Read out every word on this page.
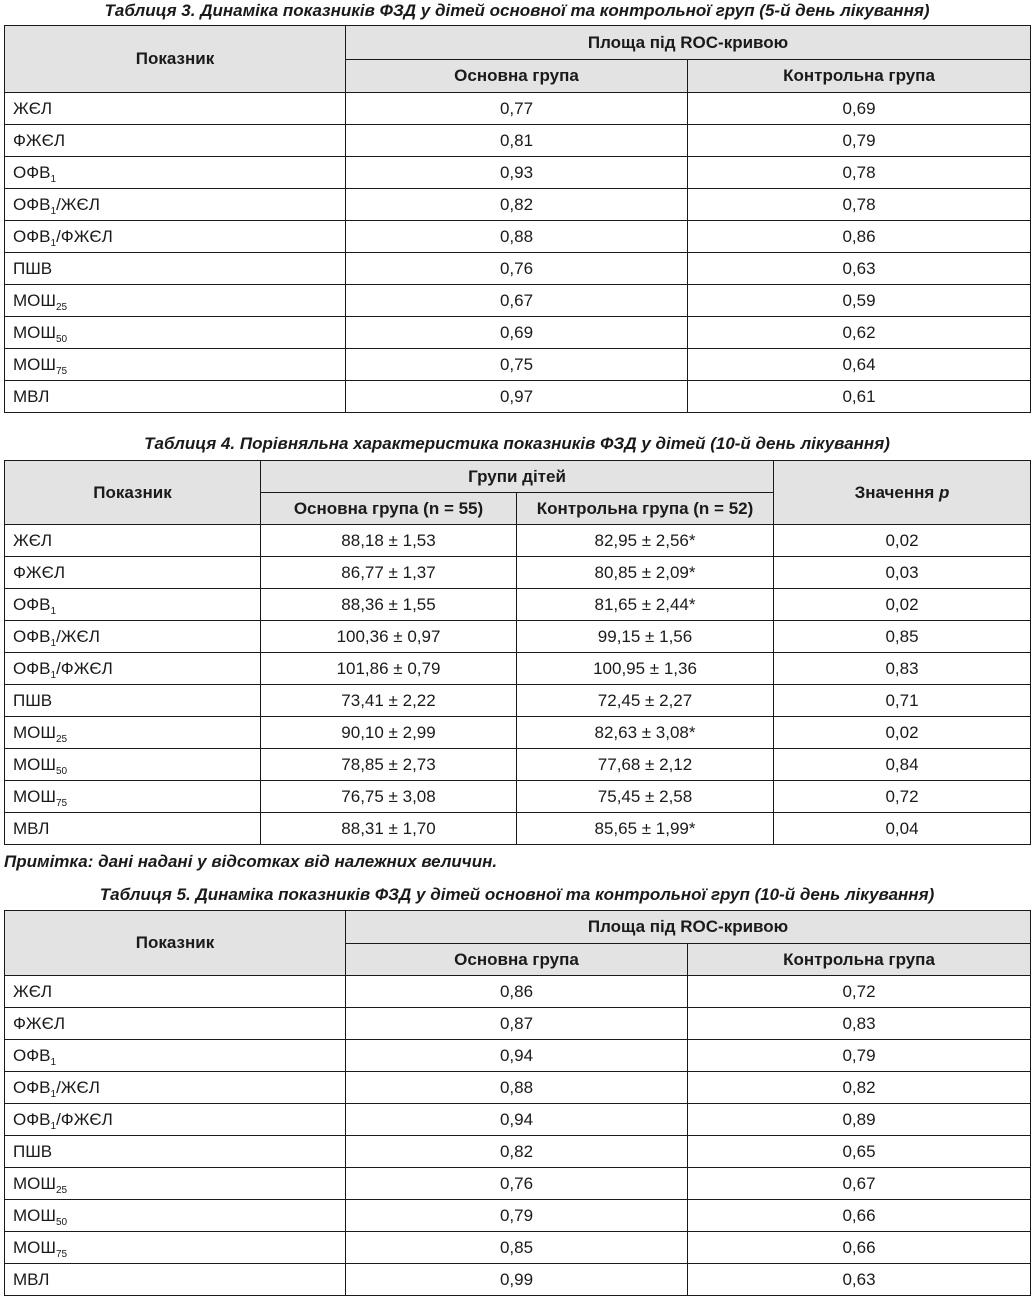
Таблиця 3. Динаміка показників ФЗД у дітей основної та контрольної груп (5-й день лікування)
Показник	Площа під ROC-кривою	
	Основна група	Контрольна група
ЖЄЛ	0,77	0,69
ФЖЄЛ	0,81	0,79
$ОФВ_1$	0,93	0,78
$ОФВ_1$/ЖЄЛ	0,82	0,78
$ОФВ_1$/ФЖЄЛ	0,88	0,86
ПШВ	0,76	0,63
$МОШ_{25}$	0,67	0,59
$МОШ_{50}$	0,69	0,62
$МОШ_{75}$	0,75	0,64
МВЛ	0,97	0,61
Таблиця 4. Порівняльна характеристика показників ФЗД у дітей (10-й день лікування)
Показник	Групи дітей		Значення p
	Основна група (n = 55)	Контрольна група (n = 52)	
ЖЄЛ	88,18 ± 1,53	82,95 ± 2,56*	0,02
ФЖЄЛ	86,77 ± 1,37	80,85 ± 2,09*	0,03
$ОФВ_1$	88,36 ± 1,55	81,65 ± 2,44*	0,02
$ОФВ_1$/ЖЄЛ	100,36 ± 0,97	99,15 ± 1,56	0,85
$ОФВ_1$/ФЖЄЛ	101,86 ± 0,79	100,95 ± 1,36	0,83
ПШВ	73,41 ± 2,22	72,45 ± 2,27	0,71
$МОШ_{25}$	90,10 ± 2,99	82,63 ± 3,08*	0,02
$МОШ_{50}$	78,85 ± 2,73	77,68 ± 2,12	0,84
$МОШ_{75}$	76,75 ± 3,08	75,45 ± 2,58	0,72
МВЛ	88,31 ± 1,70	85,65 ± 1,99*	0,04
Примітка: дані надані у відсотках від належних величин.
Таблиця 5. Динаміка показників ФЗД у дітей основної та контрольної груп (10-й день лікування)
Показник	Площа під ROC-кривою	
	Основна група	Контрольна група
ЖЄЛ	0,86	0,72
ФЖЄЛ	0,87	0,83
$ОФВ_1$	0,94	0,79
$ОФВ_1$/ЖЄЛ	0,88	0,82
$ОФВ_1$/ФЖЄЛ	0,94	0,89
ПШВ	0,82	0,65
$МОШ_{25}$	0,76	0,67
$МОШ_{50}$	0,79	0,66
$МОШ_{75}$	0,85	0,66
МВЛ	0,99	0,63
